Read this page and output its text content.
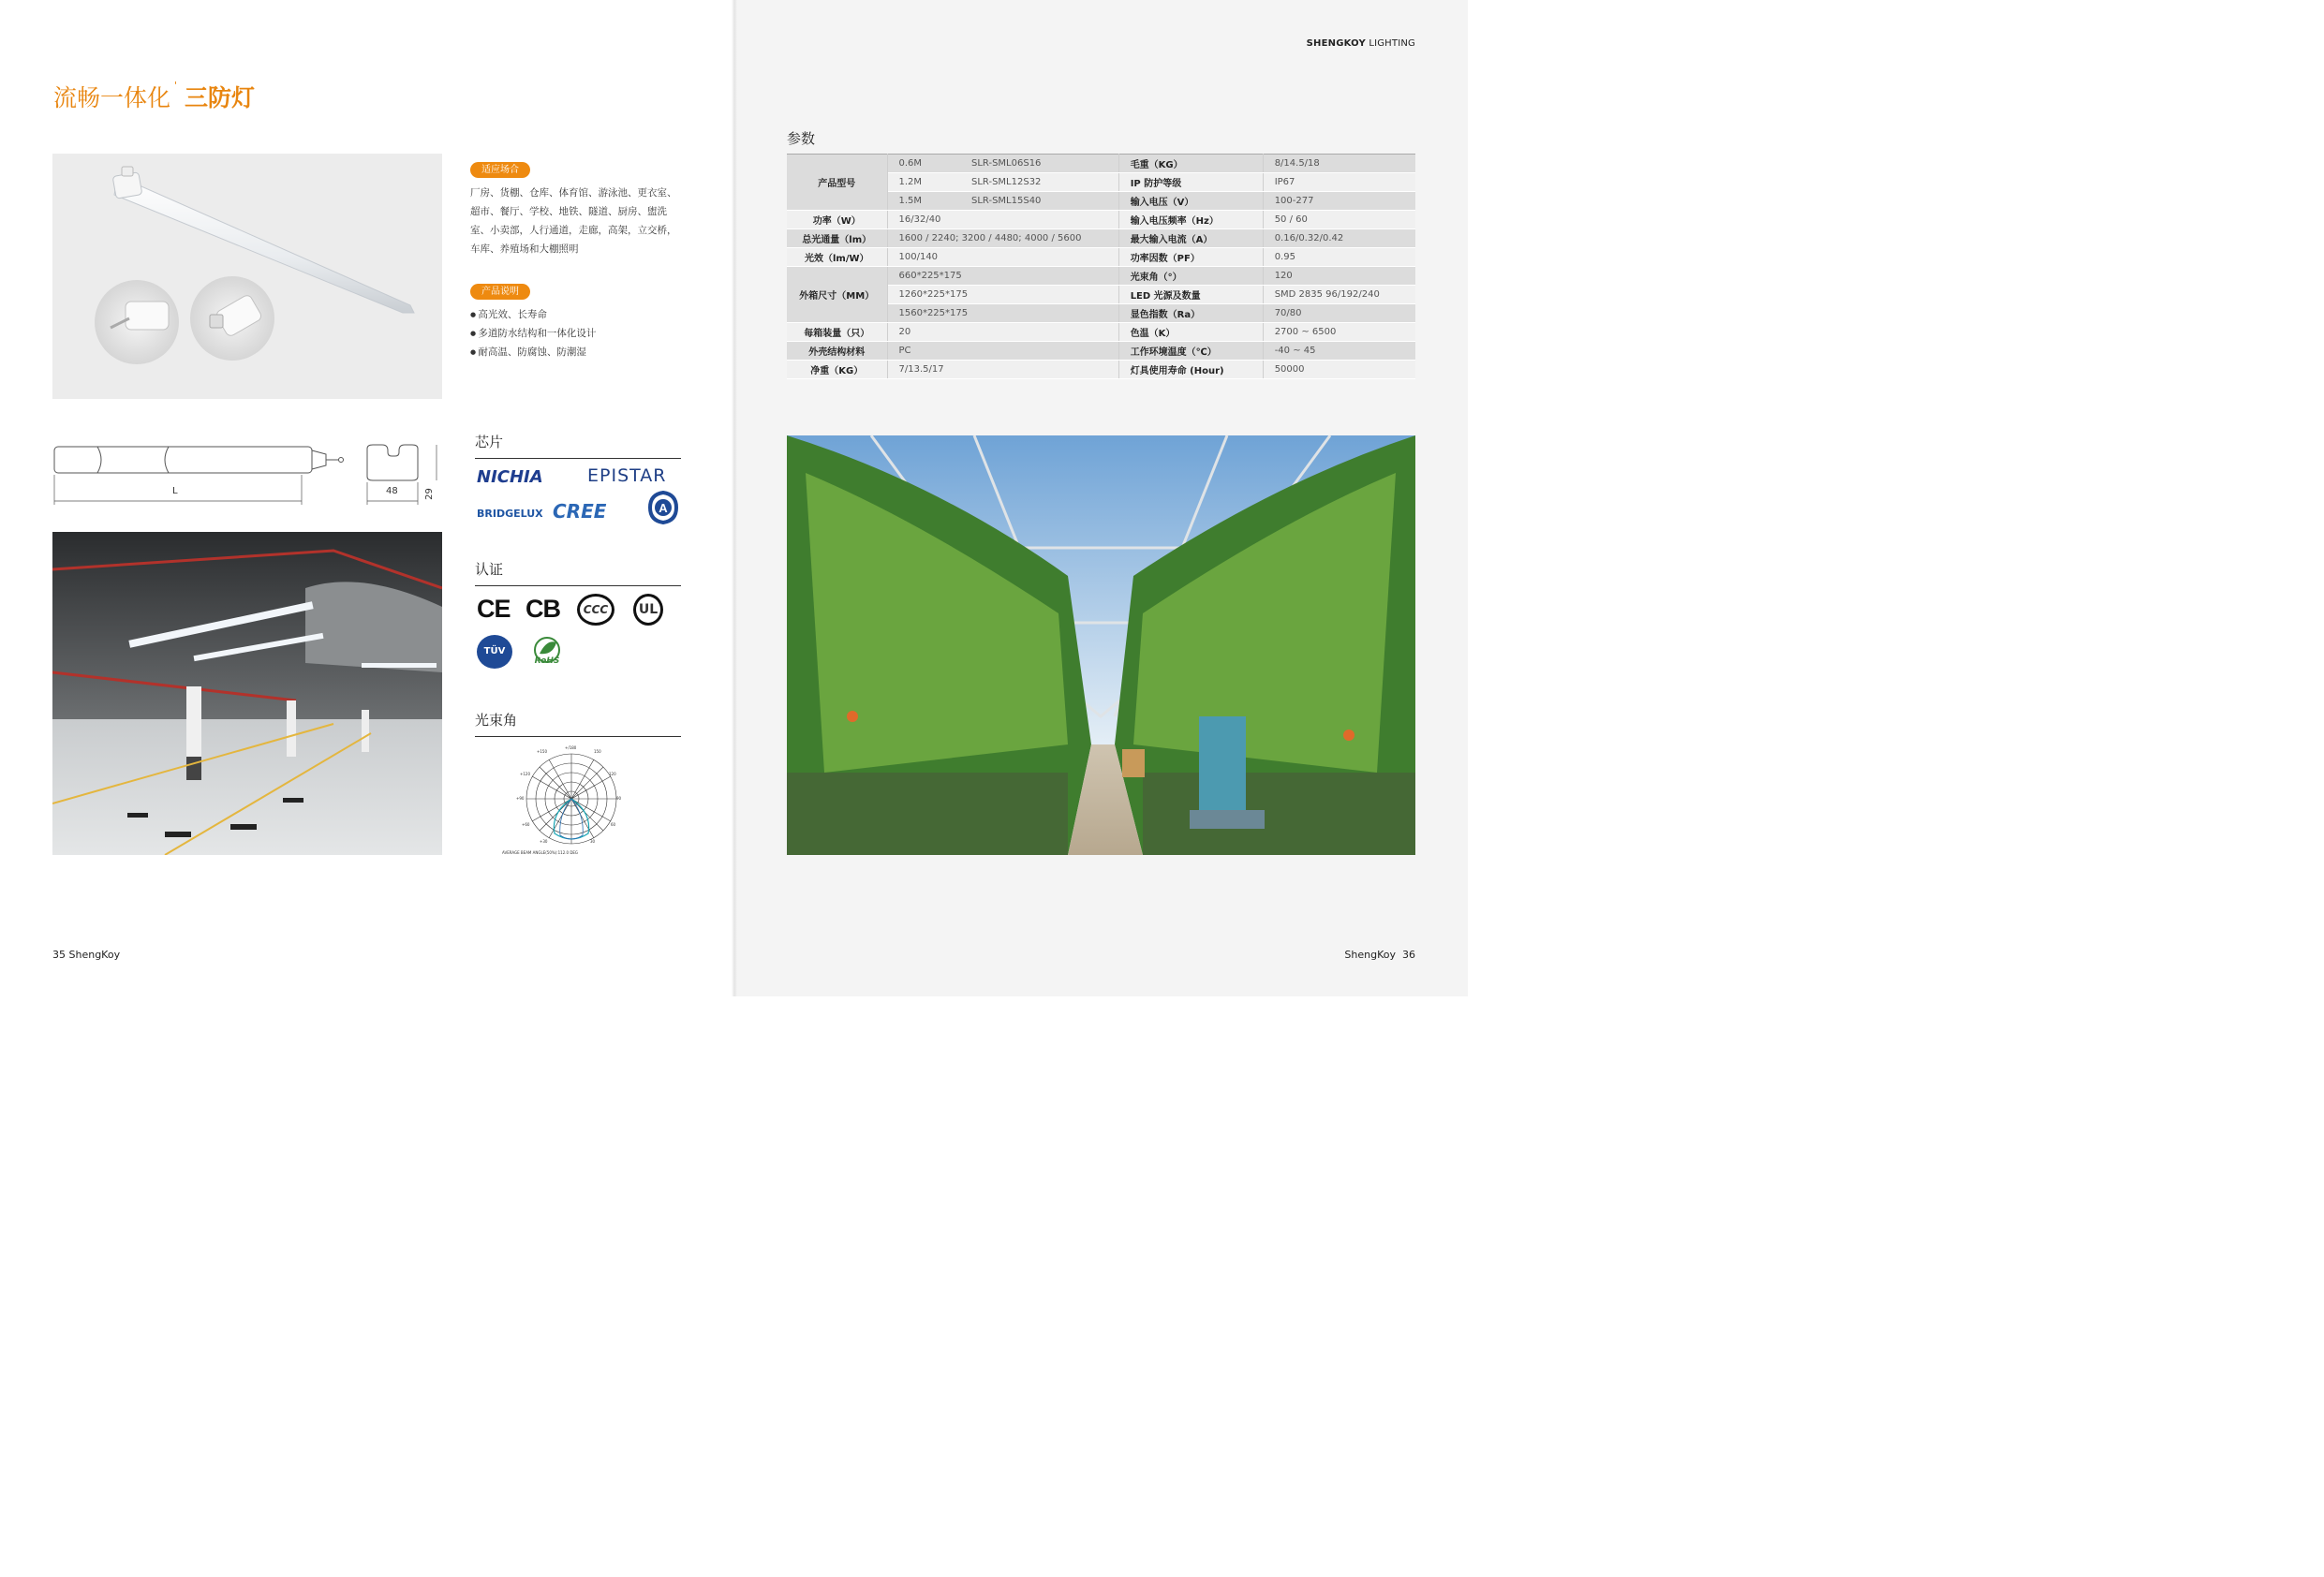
流畅一体化 ' 三防灯
适应场合
厂房、货棚、仓库、体育馆、游泳池、更衣室、超市、餐厅、学校、地铁、隧道、厨房、盥洗室、小卖部，人行通道，走廊，高架，立交桥，车库、养殖场和大棚照明
产品说明
● 高光效、长寿命
● 多道防水结构和一体化设计
● 耐高温、防腐蚀、防潮湿
L	48	29
芯片
NICHIA EPISTAR
BRIDGELUX CREE	A
认证
CE CB	CCC	UL
TÜV
RoHS
光束角
+150
+/180
150
+120
+90
+60
+30
120
90
60
30
AVERAGE BEAM ANGLE(50%):112.0 DEG
35 ShengKoy
SHENGKOY LIGHTING
参数
产品型号	0.6M	SLR-SML06S16	毛重（KG）	8/14.5/18
	1.2M	SLR-SML12S32	IP 防护等级	IP67
	1.5M	SLR-SML15S40	输入电压（V）	100-277
功率（W）	16/32/40		输入电压频率（Hz）	50 / 60
总光通量（lm）	1600 / 2240; 3200 / 4480; 4000 / 5600		最大输入电流（A）	0.16/0.32/0.42
光效（lm/W）	100/140		功率因数（PF）	0.95
外箱尺寸（MM）	660*225*175		光束角（°）	120
	1260*225*175		LED 光源及数量	SMD 2835 96/192/240
	1560*225*175		显色指数（Ra）	70/80
每箱装量（只）	20		色温（K）	2700 ~ 6500
外壳结构材料	PC		工作环境温度（℃）	-40 ~ 45
净重（KG）	7/13.5/17		灯具使用寿命 (Hour)	50000
ShengKoy 36
